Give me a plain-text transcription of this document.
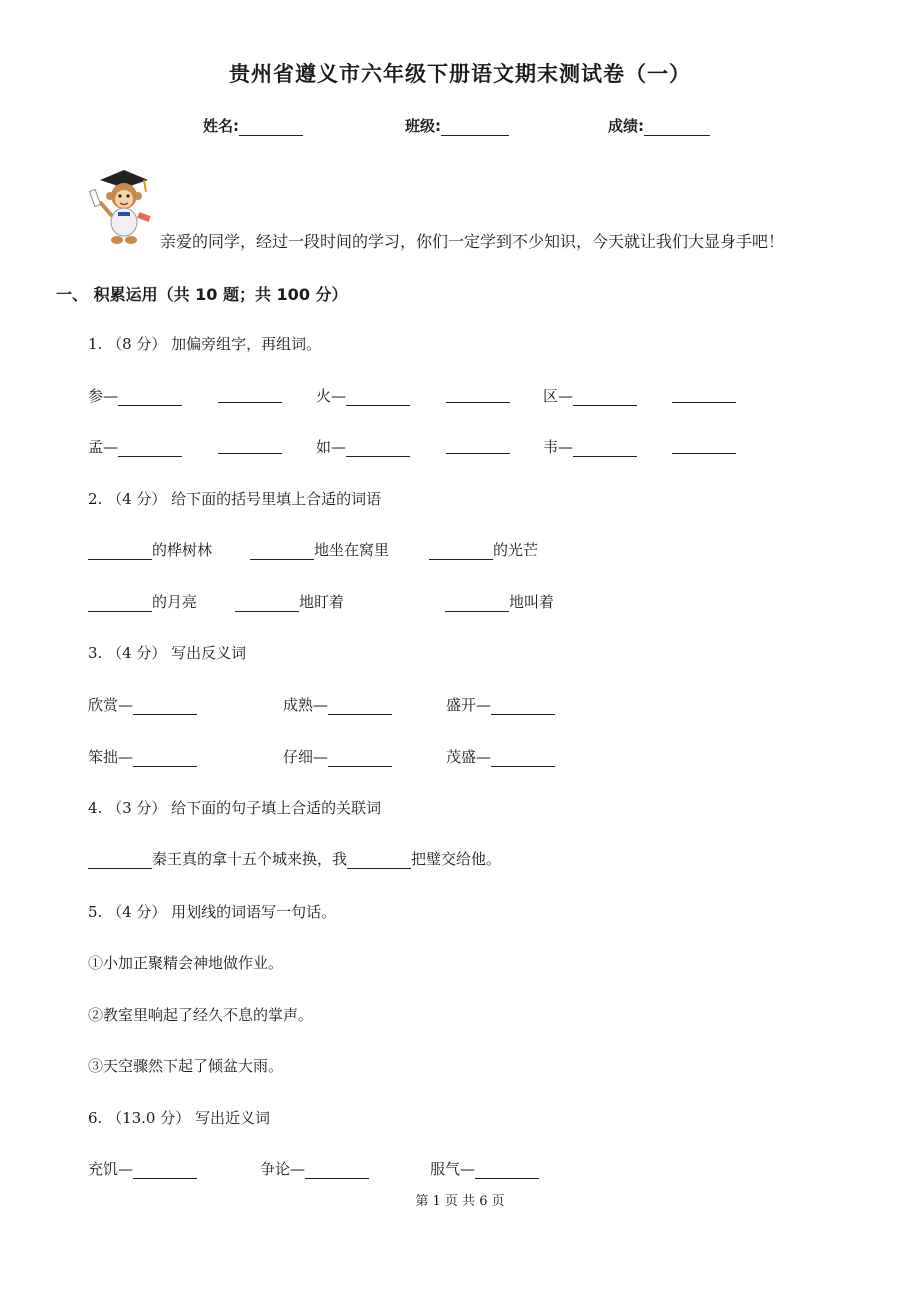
贵州省遵义市六年级下册语文期末测试卷（一）
姓名:	班级:	成绩:
亲爱的同学，经过一段时间的学习，你们一定学到不少知识，今天就让我们大显身手吧！
一、 积累运用（共 10 题；共 100 分）
1. （8 分） 加偏旁组字，再组词。
参—	火—	区—
孟—	如—	韦—
2. （4 分） 给下面的括号里填上合适的词语
的桦树林	地坐在窝里	的光芒
的月亮	地盯着	地叫着
3. （4 分） 写出反义词
欣赏—	成熟—	盛开—
笨拙—	仔细—	茂盛—
4. （3 分） 给下面的句子填上合适的关联词
秦王真的拿十五个城来换，我	把璧交给他。
5. （4 分） 用划线的词语写一句话。
①小加正聚精会神地做作业。
②教室里响起了经久不息的掌声。
③天空骤然下起了倾盆大雨。
6. （13.0 分） 写出近义词
充饥—	争论—	服气—
第 1 页 共 6 页
